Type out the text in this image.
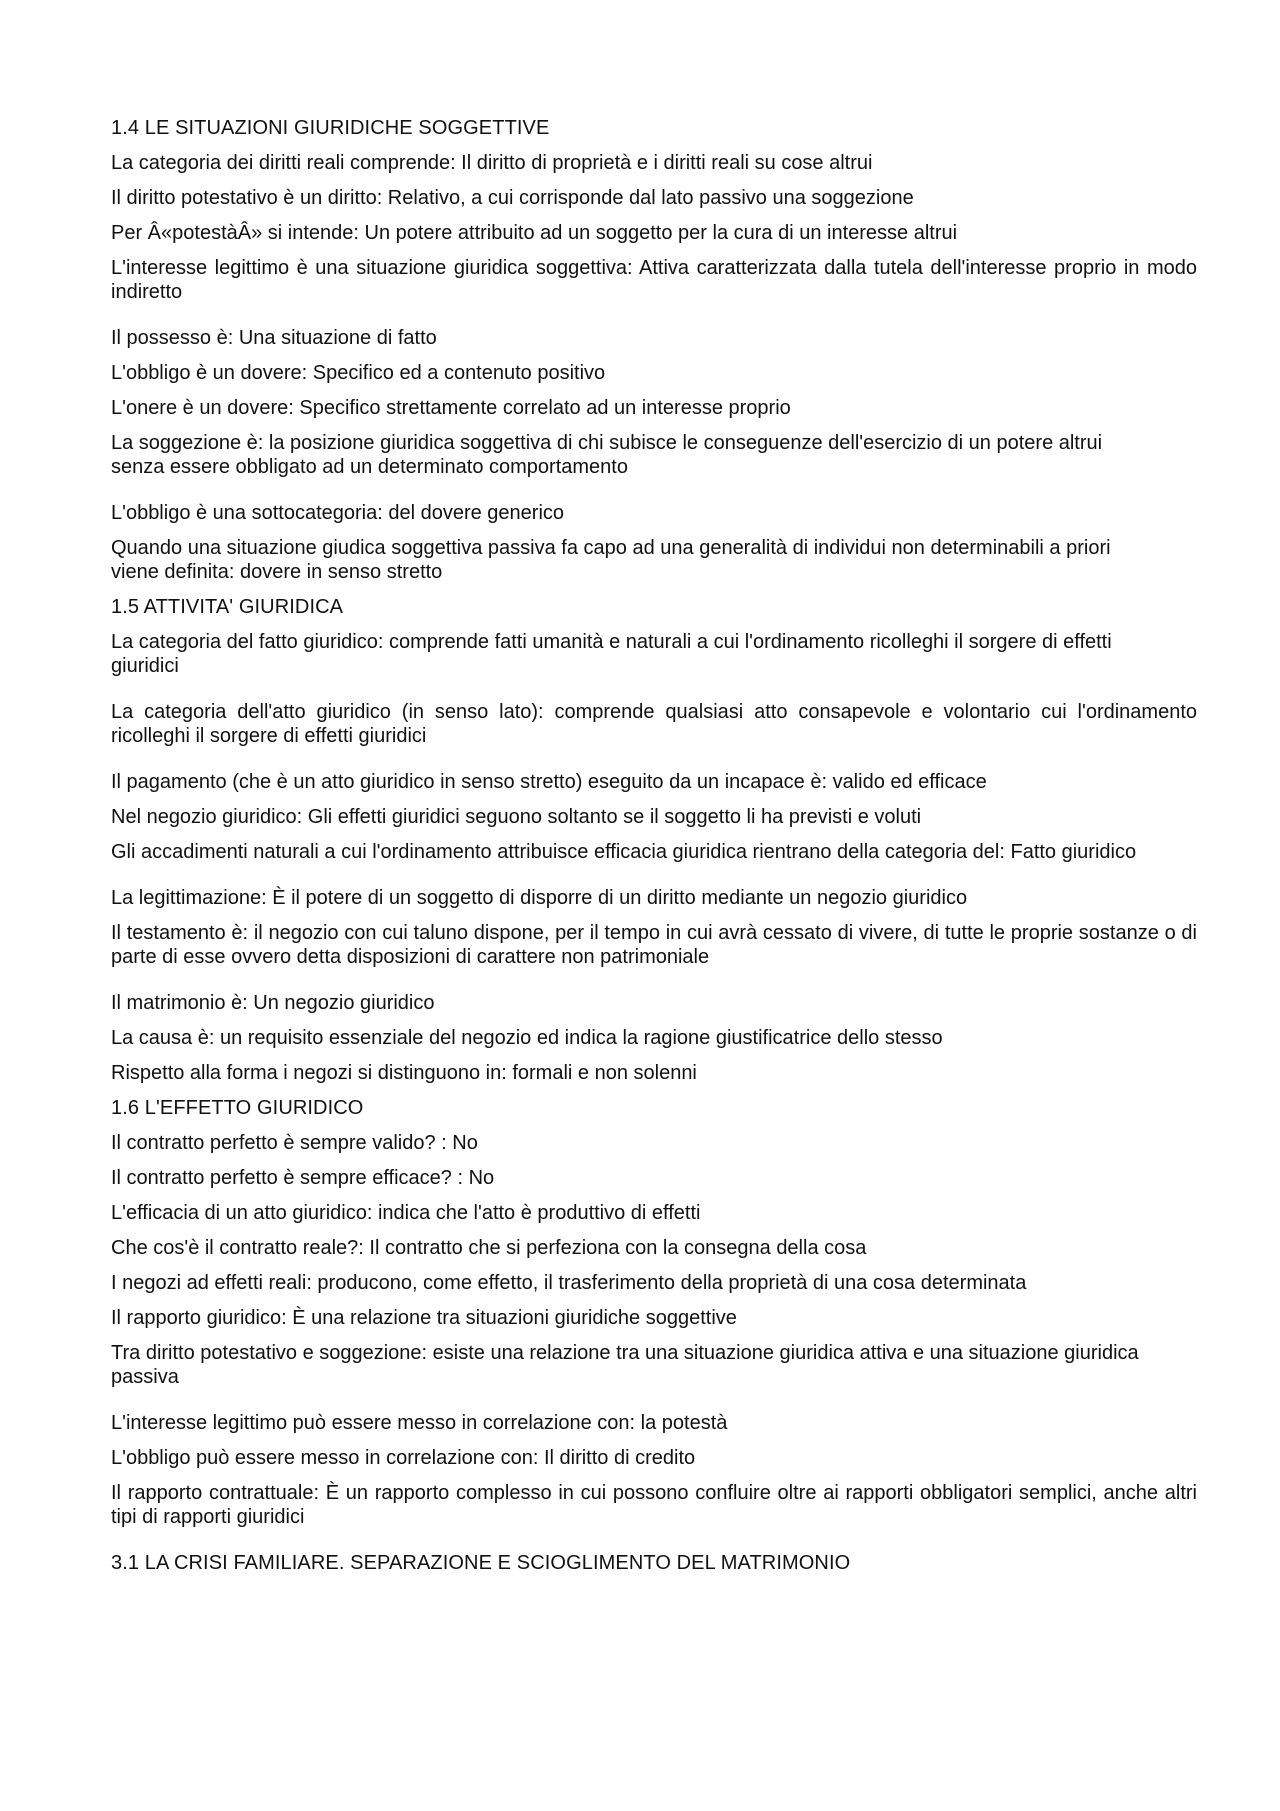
1.4 LE SITUAZIONI GIURIDICHE SOGGETTIVE
La categoria dei diritti reali comprende: Il diritto di proprietà e i diritti reali su cose altrui
Il diritto potestativo è un diritto: Relativo, a cui corrisponde dal lato passivo una soggezione
Per Â«potestàÂ» si intende: Un potere attribuito ad un soggetto per la cura di un interesse altrui
L'interesse legittimo è una situazione giuridica soggettiva: Attiva caratterizzata dalla tutela dell'interesse proprio in modo indiretto
Il possesso è: Una situazione di fatto
L'obbligo è un dovere: Specifico ed a contenuto positivo
L'onere è un dovere: Specifico strettamente correlato ad un interesse proprio
La soggezione è: la posizione giuridica soggettiva di chi subisce le conseguenze dell'esercizio di un potere altrui senza essere obbligato ad un determinato comportamento
L'obbligo è una sottocategoria: del dovere generico
Quando una situazione giudica soggettiva passiva fa capo ad una generalità di individui non determinabili a priori viene definita: dovere in senso stretto
1.5 ATTIVITA' GIURIDICA
La categoria del fatto giuridico: comprende fatti umanità e naturali a cui l'ordinamento ricolleghi il sorgere di effetti giuridici
La categoria dell'atto giuridico (in senso lato): comprende qualsiasi atto consapevole e volontario cui l'ordinamento ricolleghi il sorgere di effetti giuridici
Il pagamento (che è un atto giuridico in senso stretto) eseguito da un incapace è: valido ed efficace
Nel negozio giuridico: Gli effetti giuridici seguono soltanto se il soggetto li ha previsti e voluti
Gli accadimenti naturali a cui l'ordinamento attribuisce efficacia giuridica rientrano della categoria del: Fatto giuridico
La legittimazione: È il potere di un soggetto di disporre di un diritto mediante un negozio giuridico
Il testamento è: il negozio con cui taluno dispone, per il tempo in cui avrà cessato di vivere, di tutte le proprie sostanze o di parte di esse ovvero detta disposizioni di carattere non patrimoniale
Il matrimonio è: Un negozio giuridico
La causa è: un requisito essenziale del negozio ed indica la ragione giustificatrice dello stesso
Rispetto alla forma i negozi si distinguono in: formali e non solenni
1.6 L'EFFETTO GIURIDICO
Il contratto perfetto è sempre valido? : No
Il contratto perfetto è sempre efficace? : No
L'efficacia di un atto giuridico: indica che l'atto è produttivo di effetti
Che cos'è il contratto reale?: Il contratto che si perfeziona con la consegna della cosa
I negozi ad effetti reali: producono, come effetto, il trasferimento della proprietà di una cosa determinata
Il rapporto giuridico: È una relazione tra situazioni giuridiche soggettive
Tra diritto potestativo e soggezione: esiste una relazione tra una situazione giuridica attiva e una situazione giuridica passiva
L'interesse legittimo può essere messo in correlazione con: la potestà
L'obbligo può essere messo in correlazione con: Il diritto di credito
Il rapporto contrattuale: È un rapporto complesso in cui possono confluire oltre ai rapporti obbligatori semplici, anche altri tipi di rapporti giuridici
3.1 LA CRISI FAMILIARE. SEPARAZIONE E SCIOGLIMENTO DEL MATRIMONIO
